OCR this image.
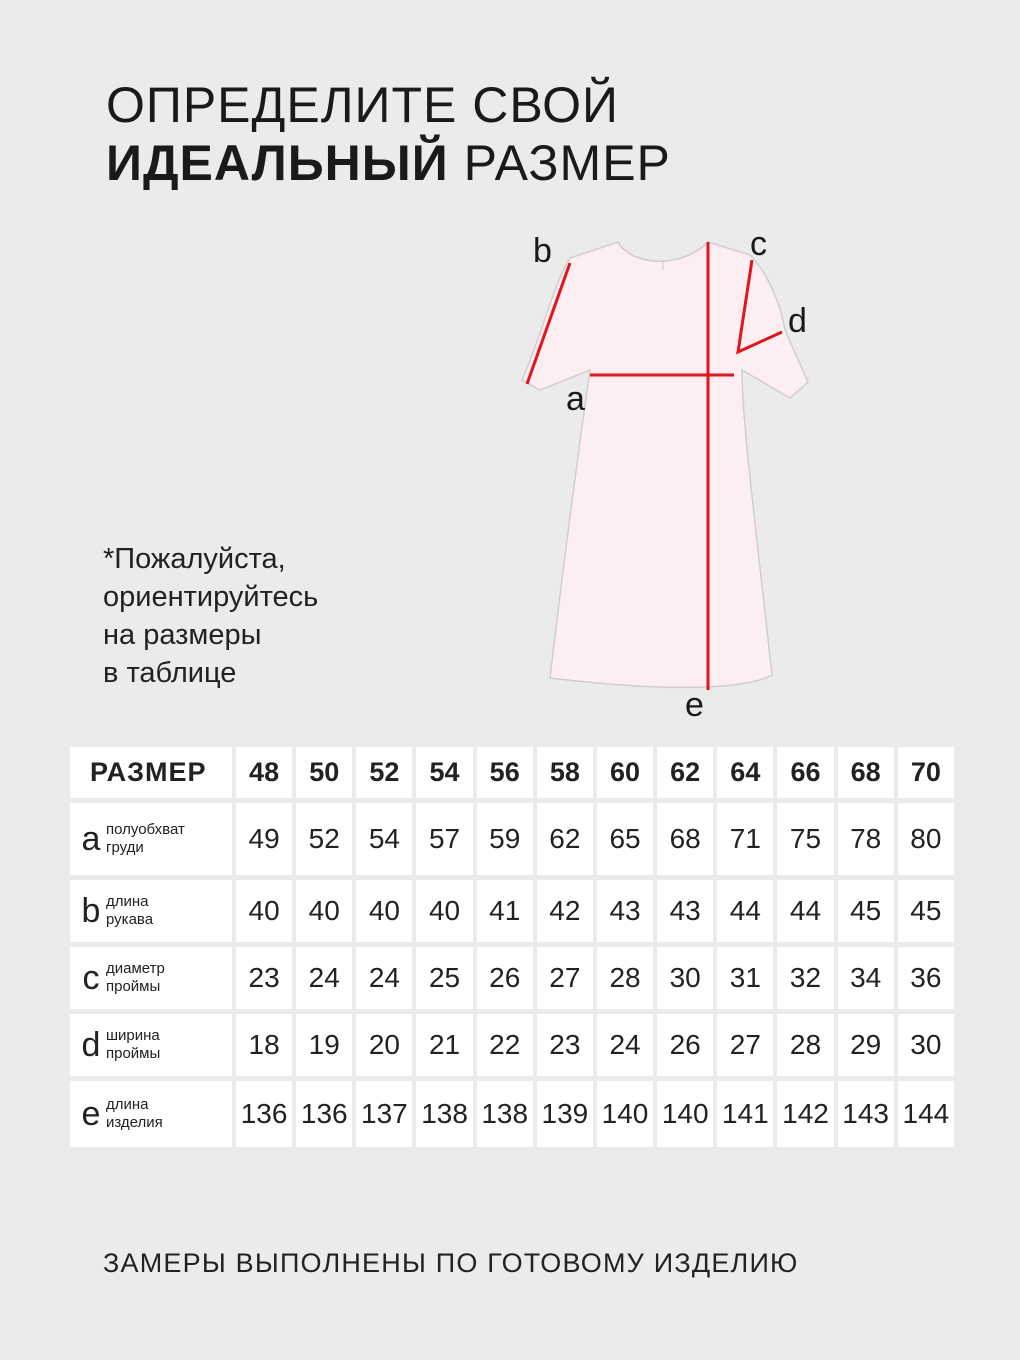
ОПРЕДЕЛИТЕ СВОЙ
ИДЕАЛЬНЫЙ РАЗМЕР
*Пожалуйста,
ориентируйтесь
на размеры
в таблице
b	c
d
a
e
РАЗМЕР	48	50	52	54	56	58	60	62	64	66	68	70

a полуобхват
груди	49	52	54	57	59	62	65	68	71	75	78	80

b длина
рукава	40	40	40	40	41	42	43	43	44	44	45	45

c диаметр
проймы	23	24	24	25	26	27	28	30	31	32	34	36

d ширина
проймы	18	19	20	21	22	23	24	26	27	28	29	30

e длина
изделия	136	136	137	138	138	139	140	140	141	142	143	144
ЗАМЕРЫ ВЫПОЛНЕНЫ ПО ГОТОВОМУ ИЗДЕЛИЮ
